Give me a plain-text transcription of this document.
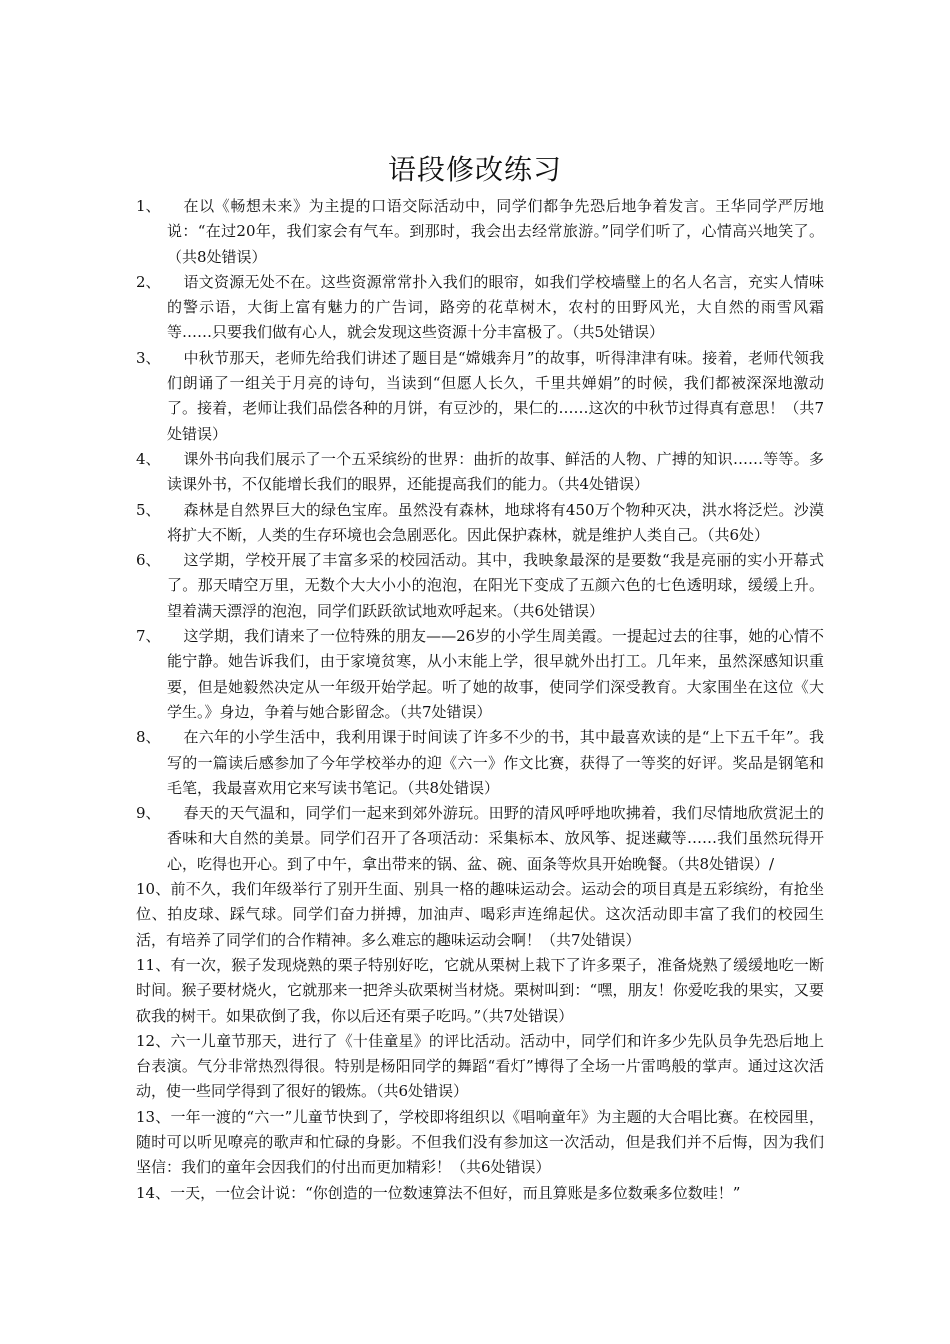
语段修改练习
1、	在以《畅想未来》为主提的口语交际活动中，同学们都争先恐后地争着发言。王华同学严厉地说：“在过20年，我们家会有气车。到那时，我会出去经常旅游。”同学们听了，心情高兴地笑了。（共8处错误）
2、	语文资源无处不在。这些资源常常扑入我们的眼帘，如我们学校墙璧上的名人名言，充实人情味的警示语，大街上富有魅力的广告词，路旁的花草树木，农村的田野风光，大自然的雨雪风霜等……只要我们做有心人，就会发现这些资源十分丰富极了。（共5处错误）
3、	中秋节那天，老师先给我们讲述了题目是“嫦娥奔月”的故事，听得津津有味。接着，老师代领我们朗诵了一组关于月亮的诗句，当读到“但愿人长久，千里共婵娟”的时候，我们都被深深地激动了。接着，老师让我们品偿各种的月饼，有豆沙的，果仁的……这次的中秋节过得真有意思！（共7处错误）
4、	课外书向我们展示了一个五采缤纷的世界：曲折的故事、鲜活的人物、广搏的知识……等等。多读课外书，不仅能增长我们的眼界，还能提高我们的能力。（共4处错误）
5、	森林是自然界巨大的绿色宝库。虽然没有森林，地球将有450万个物种灭决，洪水将泛烂。沙漠将扩大不断，人类的生存环境也会急剧恶化。因此保护森林，就是维护人类自己。（共6处）
6、	这学期，学校开展了丰富多采的校园活动。其中，我映象最深的是要数“我是亮丽的实小开幕式了。那天晴空万里，无数个大大小小的泡泡，在阳光下变成了五颜六色的七色透明球，缓缓上升。望着满天漂浮的泡泡，同学们跃跃欲试地欢呼起来。（共6处错误）
7、	这学期，我们请来了一位特殊的朋友——26岁的小学生周美霞。一提起过去的往事，她的心情不能宁静。她告诉我们，由于家境贫寒，从小末能上学，很早就外出打工。几年来，虽然深感知识重要，但是她毅然决定从一年级开始学起。听了她的故事，使同学们深受教育。大家围坐在这位《大学生。》身边，争着与她合影留念。（共7处错误）
8、	在六年的小学生活中，我利用课于时间读了许多不少的书，其中最喜欢读的是“上下五千年”。我写的一篇读后感参加了今年学校举办的迎《六一》作文比赛，获得了一等奖的好评。奖品是钢笔和毛笔，我最喜欢用它来写读书笔记。（共8处错误）
9、	春天的天气温和，同学们一起来到郊外游玩。田野的清风呼呼地吹拂着，我们尽情地欣赏泥土的香味和大自然的美景。同学们召开了各项活动：采集标本、放风筝、捉迷藏等……我们虽然玩得开心，吃得也开心。到了中午，拿出带来的锅、盆、碗、面条等炊具开始晚餐。（共8处错误）/
10、前不久，我们年级举行了别开生面、别具一格的趣味运动会。运动会的项目真是五彩缤纷，有抢坐位、拍皮球、踩气球。同学们奋力拼搏，加油声、喝彩声连绵起伏。这次活动即丰富了我们的校园生活，有培养了同学们的合作精神。多么难忘的趣味运动会啊！（共7处错误）
11、有一次，猴子发现烧熟的栗子特别好吃，它就从栗树上栽下了许多栗子，准备烧熟了缓缓地吃一断时间。猴子要材烧火，它就那来一把斧头砍栗树当材烧。栗树叫到：“嘿，朋友！你爱吃我的果实，又要砍我的树干。如果砍倒了我，你以后还有栗子吃吗。”（共7处错误）
12、六一儿童节那天，进行了《十佳童星》的评比活动。活动中，同学们和许多少先队员争先恐后地上台表演。气分非常热烈得很。特别是杨阳同学的舞蹈“看灯”博得了全场一片雷鸣般的掌声。通过这次活动，使一些同学得到了很好的锻炼。（共6处错误）
13、一年一渡的“六一”儿童节快到了，学校即将组织以《唱响童年》为主题的大合唱比赛。在校园里，随时可以听见嘹亮的歌声和忙碌的身影。不但我们没有参加这一次活动，但是我们并不后悔，因为我们坚信：我们的童年会因我们的付出而更加精彩！（共6处错误）
14、一天，一位会计说：“你创造的一位数速算法不但好，而且算账是多位数乘多位数哇！”
